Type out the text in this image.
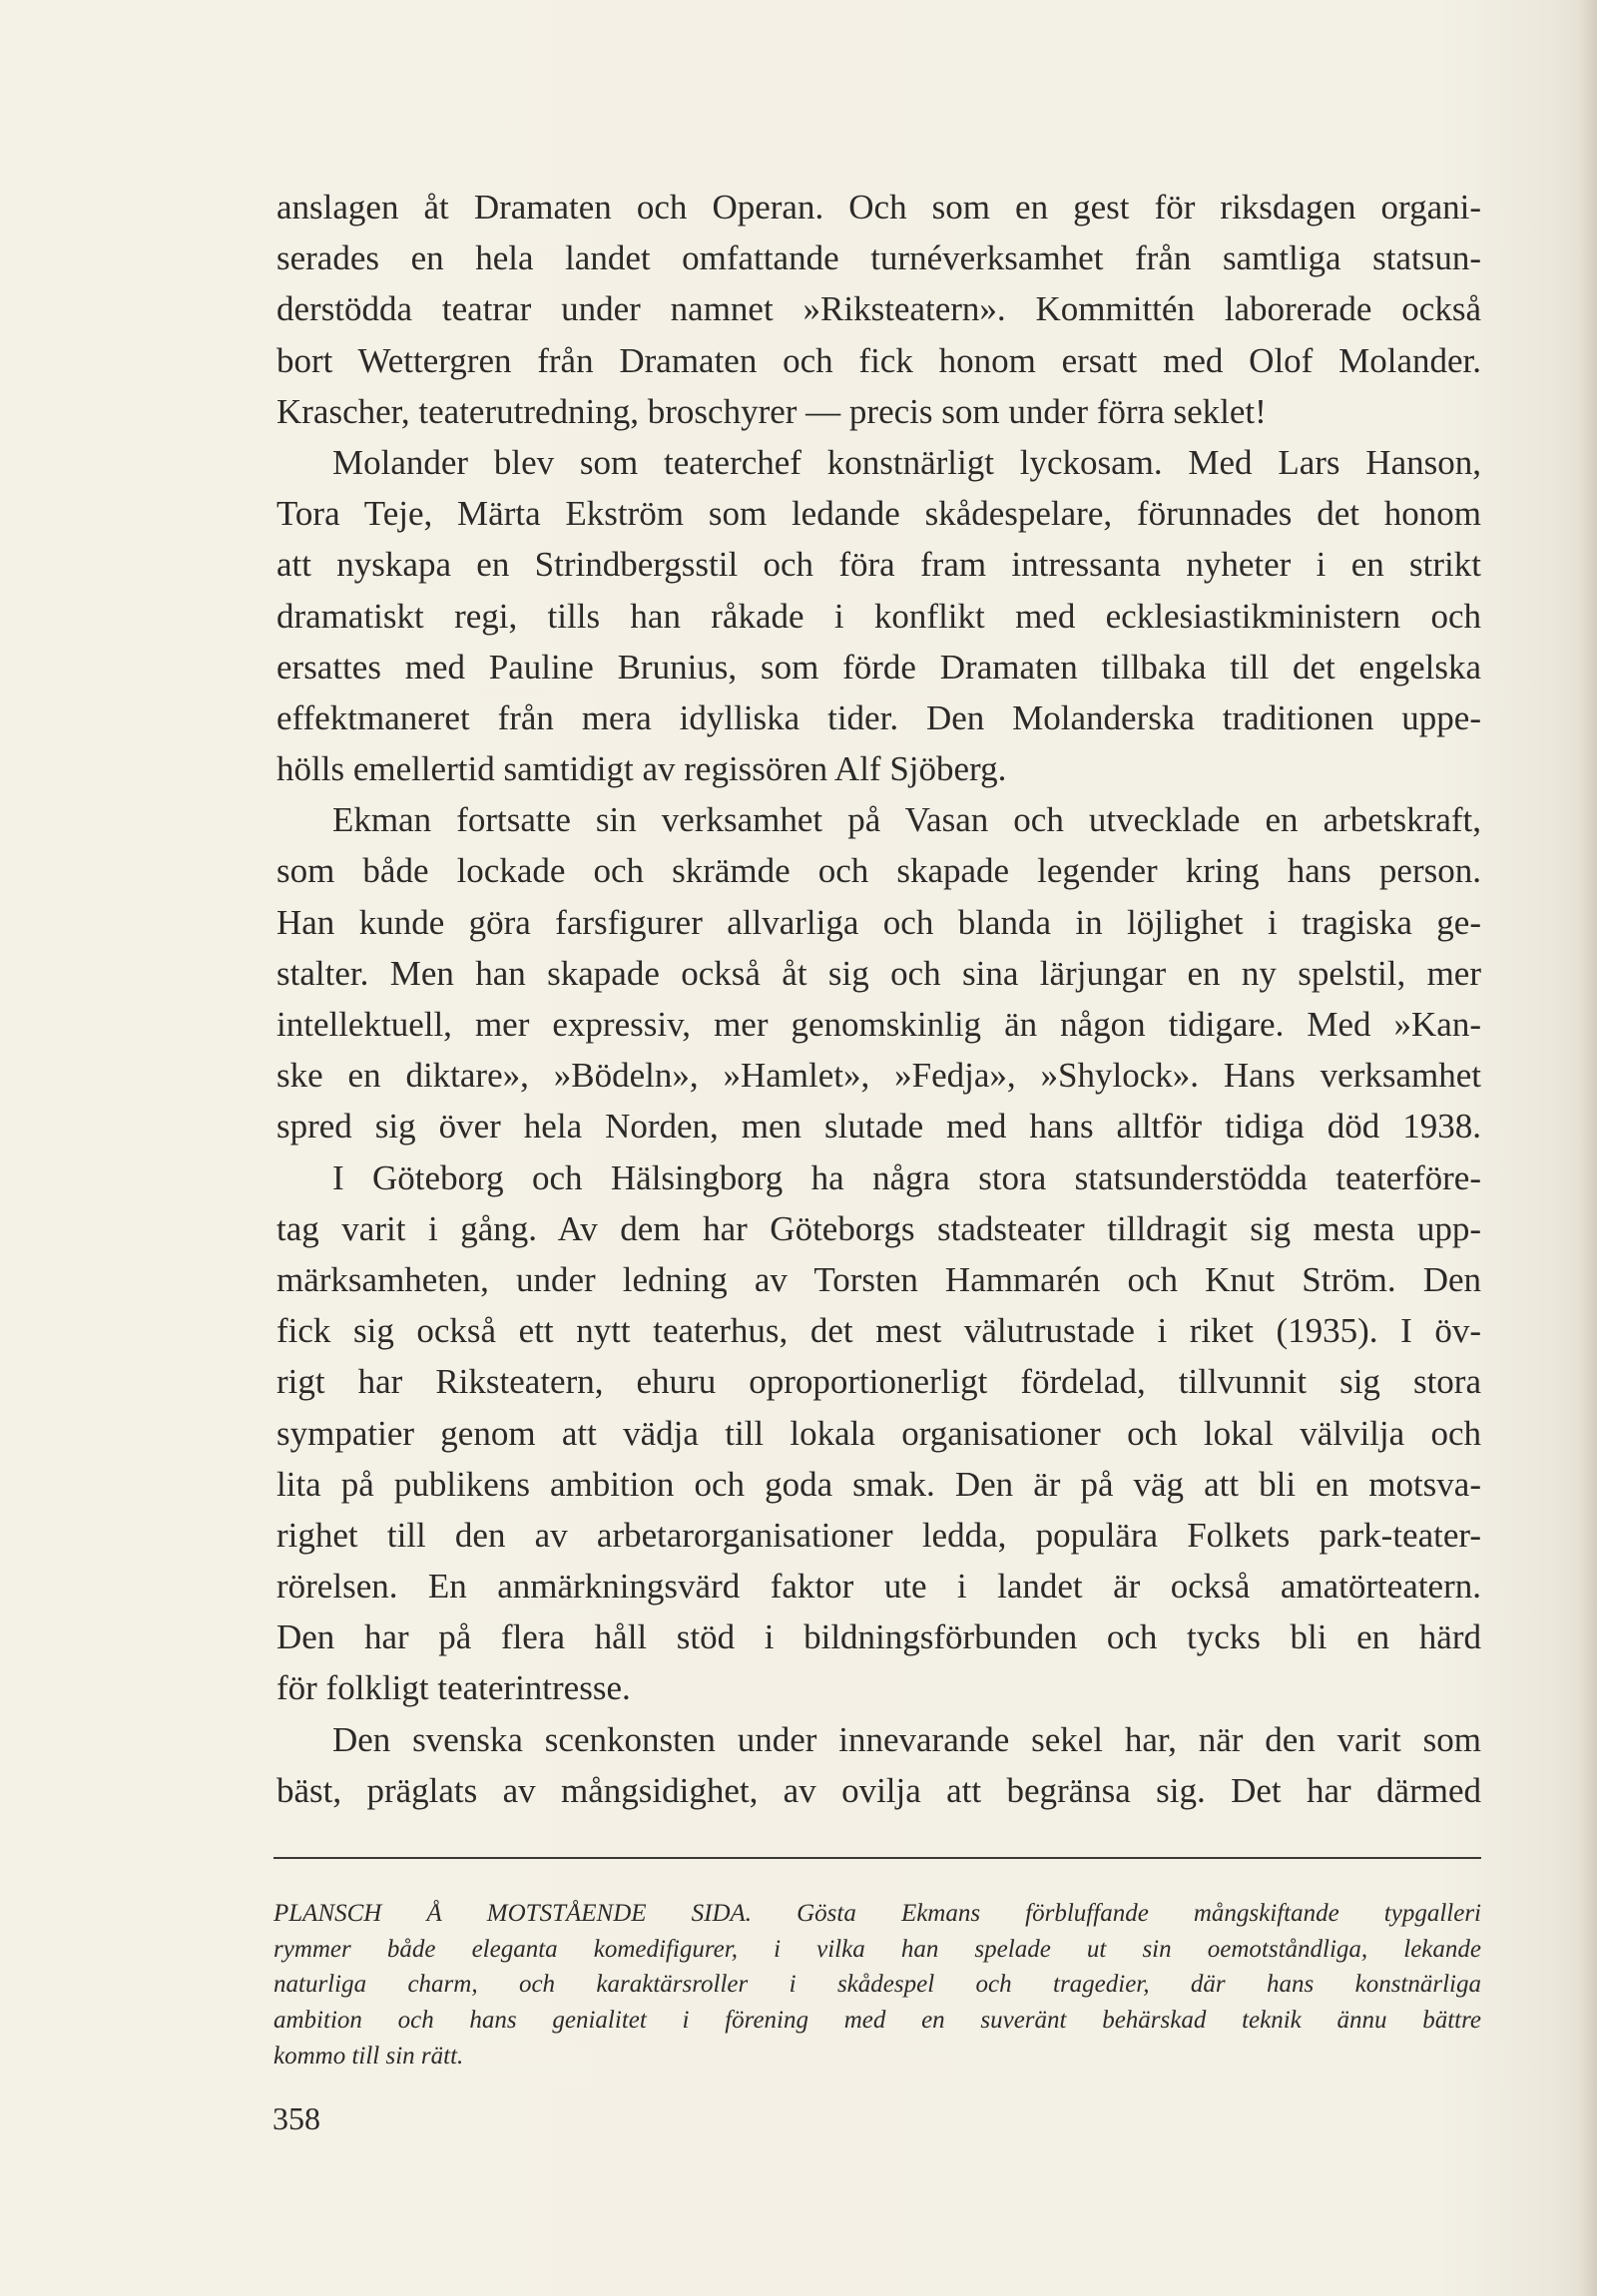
anslagen åt Dramaten och Operan. Och som en gest för riksdagen organi-
serades en hela landet omfattande turnéverksamhet från samtliga statsun-
derstödda teatrar under namnet »Riksteatern». Kommittén laborerade också
bort Wettergren från Dramaten och fick honom ersatt med Olof Molander.
Krascher, teaterutredning, broschyrer — precis som under förra seklet!
Molander blev som teaterchef konstnärligt lyckosam. Med Lars Hanson,
Tora Teje, Märta Ekström som ledande skådespelare, förunnades det honom
att nyskapa en Strindbergsstil och föra fram intressanta nyheter i en strikt
dramatiskt regi, tills han råkade i konflikt med ecklesiastikministern och
ersattes med Pauline Brunius, som förde Dramaten tillbaka till det engelska
effektmaneret från mera idylliska tider. Den Molanderska traditionen uppe-
hölls emellertid samtidigt av regissören Alf Sjöberg.
Ekman fortsatte sin verksamhet på Vasan och utvecklade en arbetskraft,
som både lockade och skrämde och skapade legender kring hans person.
Han kunde göra farsfigurer allvarliga och blanda in löjlighet i tragiska ge-
stalter. Men han skapade också åt sig och sina lärjungar en ny spelstil, mer
intellektuell, mer expressiv, mer genomskinlig än någon tidigare. Med »Kan-
ske en diktare», »Bödeln», »Hamlet», »Fedja», »Shylock». Hans verksamhet
spred sig över hela Norden, men slutade med hans alltför tidiga död 1938.
I Göteborg och Hälsingborg ha några stora statsunderstödda teaterföre-
tag varit i gång. Av dem har Göteborgs stadsteater tilldragit sig mesta upp-
märksamheten, under ledning av Torsten Hammarén och Knut Ström. Den
fick sig också ett nytt teaterhus, det mest välutrustade i riket (1935). I öv-
rigt har Riksteatern, ehuru oproportionerligt fördelad, tillvunnit sig stora
sympatier genom att vädja till lokala organisationer och lokal välvilja och
lita på publikens ambition och goda smak. Den är på väg att bli en motsva-
righet till den av arbetarorganisationer ledda, populära Folkets park-teater-
rörelsen. En anmärkningsvärd faktor ute i landet är också amatörteatern.
Den har på flera håll stöd i bildningsförbunden och tycks bli en härd
för folkligt teaterintresse.
Den svenska scenkonsten under innevarande sekel har, när den varit som
bäst, präglats av mångsidighet, av ovilja att begränsa sig. Det har därmed
PLANSCH Å MOTSTÅENDE SIDA. Gösta Ekmans förbluffande mångskiftande typgalleri
rymmer både eleganta komedifigurer, i vilka han spelade ut sin oemotståndliga, lekande
naturliga charm, och karaktärsroller i skådespel och tragedier, där hans konstnärliga
ambition och hans genialitet i förening med en suveränt behärskad teknik ännu bättre
kommo till sin rätt.
358
